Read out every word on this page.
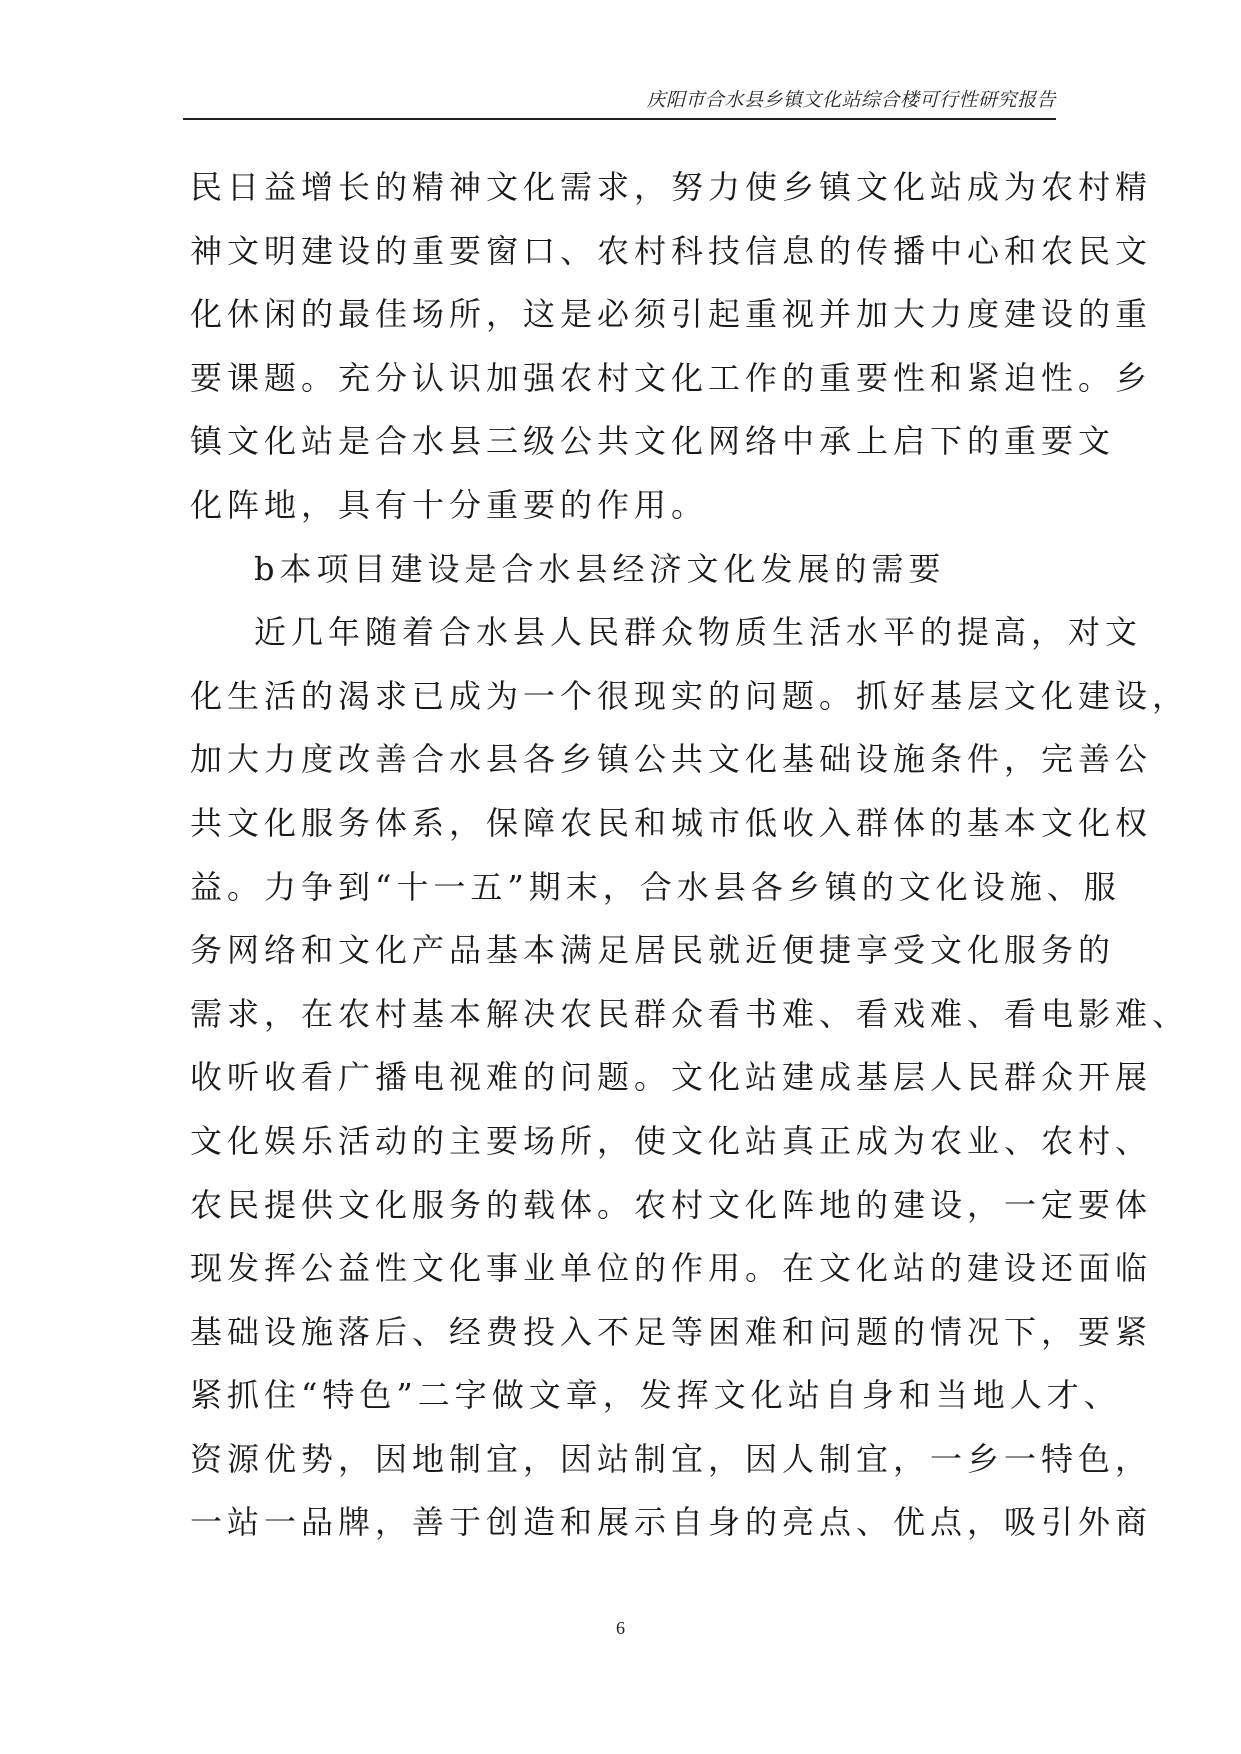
庆阳市合水县乡镇文化站综合楼可行性研究报告
民日益增长的精神文化需求，努力使乡镇文化站成为农村精
神文明建设的重要窗口、农村科技信息的传播中心和农民文
化休闲的最佳场所，这是必须引起重视并加大力度建设的重
要课题。充分认识加强农村文化工作的重要性和紧迫性。乡
镇文化站是合水县三级公共文化网络中承上启下的重要文
化阵地，具有十分重要的作用。
b本项目建设是合水县经济文化发展的需要
近几年随着合水县人民群众物质生活水平的提高，对文
化生活的渴求已成为一个很现实的问题。抓好基层文化建设，
加大力度改善合水县各乡镇公共文化基础设施条件，完善公
共文化服务体系，保障农民和城市低收入群体的基本文化权
益。力争到“十一五”期末，合水县各乡镇的文化设施、服
务网络和文化产品基本满足居民就近便捷享受文化服务的
需求，在农村基本解决农民群众看书难、看戏难、看电影难、
收听收看广播电视难的问题。文化站建成基层人民群众开展
文化娱乐活动的主要场所，使文化站真正成为农业、农村、
农民提供文化服务的载体。农村文化阵地的建设，一定要体
现发挥公益性文化事业单位的作用。在文化站的建设还面临
基础设施落后、经费投入不足等困难和问题的情况下，要紧
紧抓住“特色”二字做文章，发挥文化站自身和当地人才、
资源优势，因地制宜，因站制宜，因人制宜，一乡一特色，
一站一品牌，善于创造和展示自身的亮点、优点，吸引外商
6
